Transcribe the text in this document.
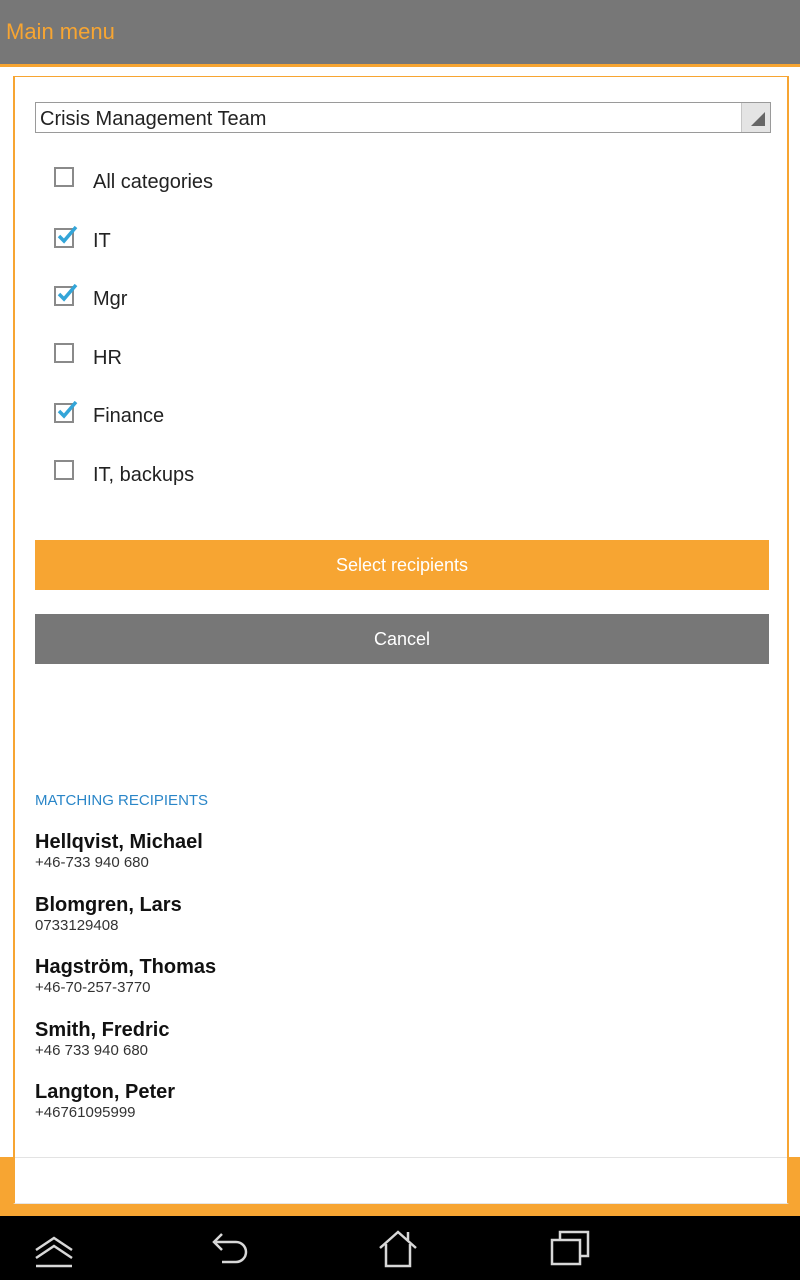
Main menu
Crisis Management Team
All categories
IT
Mgr
HR
Finance
IT, backups
Select recipients
Cancel
MATCHING RECIPIENTS
Hellqvist, Michael
+46-733 940 680
Blomgren, Lars
0733129408
Hagström, Thomas
+46-70-257-3770
Smith, Fredric
+46 733 940 680
Langton, Peter
+46761095999
